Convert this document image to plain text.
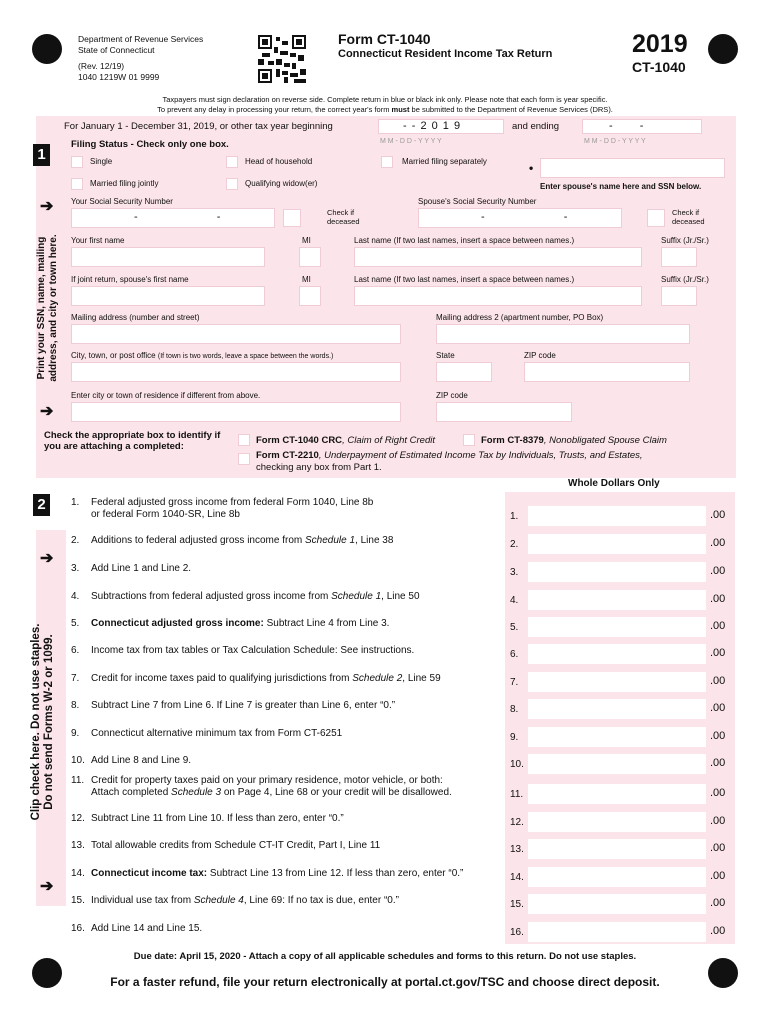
Department of Revenue Services
State of Connecticut
(Rev. 12/19)
1040 1219W 01 9999
Form CT-1040
Connecticut Resident Income Tax Return	2019
CT-1040
Taxpayers must sign declaration on reverse side. Complete return in blue or black ink only. Please note that each form is year specific.
To prevent any delay in processing your return, the correct year's form must be submitted to the Department of Revenue Services (DRS).
For January 1 - December 31, 2019, or other tax year beginning	- - 2 0 1 9	and ending	- -
M M - D D - Y Y Y Y	M M - D D - Y Y Y Y
1
Filing Status - Check only one box.
Single	Head of household	Married filing separately	•
Married filing jointly	Qualifying widow(er)	Enter spouse's name here and SSN below.
➔ Your Social Security Number
- -	Check if deceased
Spouse's Social Security Number
- -	Check if deceased
Your first name	MI	Last name (If two last names, insert a space between names.)	Suffix (Jr./Sr.)
If joint return, spouse's first name	MI	Last name (If two last names, insert a space between names.)	Suffix (Jr./Sr.)
Mailing address (number and street)	Mailing address 2 (apartment number, PO Box)
City, town, or post office (If town is two words, leave a space between the words.)	State	ZIP code
Enter city or town of residence if different from above.	ZIP code
➔
Print your SSN, name, mailing address, and city or town here.
Check the appropriate box to identify if you are attaching a completed:
Form CT-1040 CRC, Claim of Right Credit	Form CT-8379, Nonobligated Spouse Claim
Form CT-2210, Underpayment of Estimated Income Tax by Individuals, Trusts, and Estates,
checking any box from Part 1.
Whole Dollars Only
2
➔
➔
Clip check here. Do not use staples. Do not send Forms W-2 or 1099.
1. Federal adjusted gross income from federal Form 1040, Line 8b
or federal Form 1040-SR, Line 8b	1.	.00
2. Additions to federal adjusted gross income from Schedule 1, Line 38	2.	.00
3. Add Line 1 and Line 2.	3.	.00
4. Subtractions from federal adjusted gross income from Schedule 1, Line 50	4.	.00
5. Connecticut adjusted gross income: Subtract Line 4 from Line 3.	5.	.00
6. Income tax from tax tables or Tax Calculation Schedule: See instructions.	6.	.00
7. Credit for income taxes paid to qualifying jurisdictions from Schedule 2, Line 59	7.	.00
8. Subtract Line 7 from Line 6. If Line 7 is greater than Line 6, enter “0.”	8.	.00
9. Connecticut alternative minimum tax from Form CT-6251	9.	.00
10. Add Line 8 and Line 9.	10.	.00
11. Credit for property taxes paid on your primary residence, motor vehicle, or both:
Attach completed Schedule 3 on Page 4, Line 68 or your credit will be disallowed.	11.	.00
12. Subtract Line 11 from Line 10. If less than zero, enter “0.”	12.	.00
13. Total allowable credits from Schedule CT-IT Credit, Part I, Line 11	13.	.00
14. Connecticut income tax: Subtract Line 13 from Line 12. If less than zero, enter “0.”	14.	.00
15. Individual use tax from Schedule 4, Line 69: If no tax is due, enter “0.”	15.	.00
16. Add Line 14 and Line 15.	16.	.00
Due date: April 15, 2020 - Attach a copy of all applicable schedules and forms to this return. Do not use staples.
For a faster refund, file your return electronically at portal.ct.gov/TSC and choose direct deposit.
